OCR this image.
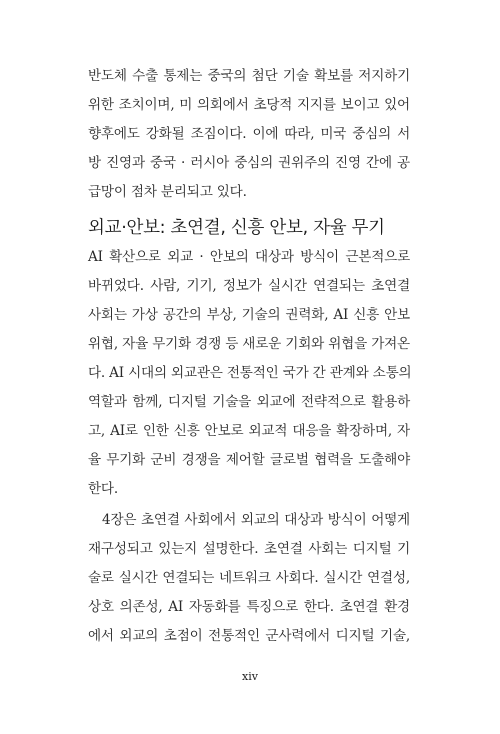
반도체 수출 통제는 중국의 첨단 기술 확보를 저지하기
위한 조치이며, 미 의회에서 초당적 지지를 보이고 있어
향후에도 강화될 조짐이다. 이에 따라, 미국 중심의 서
방 진영과 중국 · 러시아 중심의 권위주의 진영 간에 공
급망이 점차 분리되고 있다.
외교·안보: 초연결, 신흥 안보, 자율 무기
AI 확산으로 외교 · 안보의 대상과 방식이 근본적으로
바뀌었다. 사람, 기기, 정보가 실시간 연결되는 초연결
사회는 가상 공간의 부상, 기술의 권력화, AI 신흥 안보
위협, 자율 무기화 경쟁 등 새로운 기회와 위협을 가져온
다. AI 시대의 외교관은 전통적인 국가 간 관계와 소통의
역할과 함께, 디지털 기술을 외교에 전략적으로 활용하
고, AI로 인한 신흥 안보로 외교적 대응을 확장하며, 자
율 무기화 군비 경쟁을 제어할 글로벌 협력을 도출해야
한다.
4장은 초연결 사회에서 외교의 대상과 방식이 어떻게
재구성되고 있는지 설명한다. 초연결 사회는 디지털 기
술로 실시간 연결되는 네트워크 사회다. 실시간 연결성,
상호 의존성, AI 자동화를 특징으로 한다. 초연결 환경
에서 외교의 초점이 전통적인 군사력에서 디지털 기술,
xiv
